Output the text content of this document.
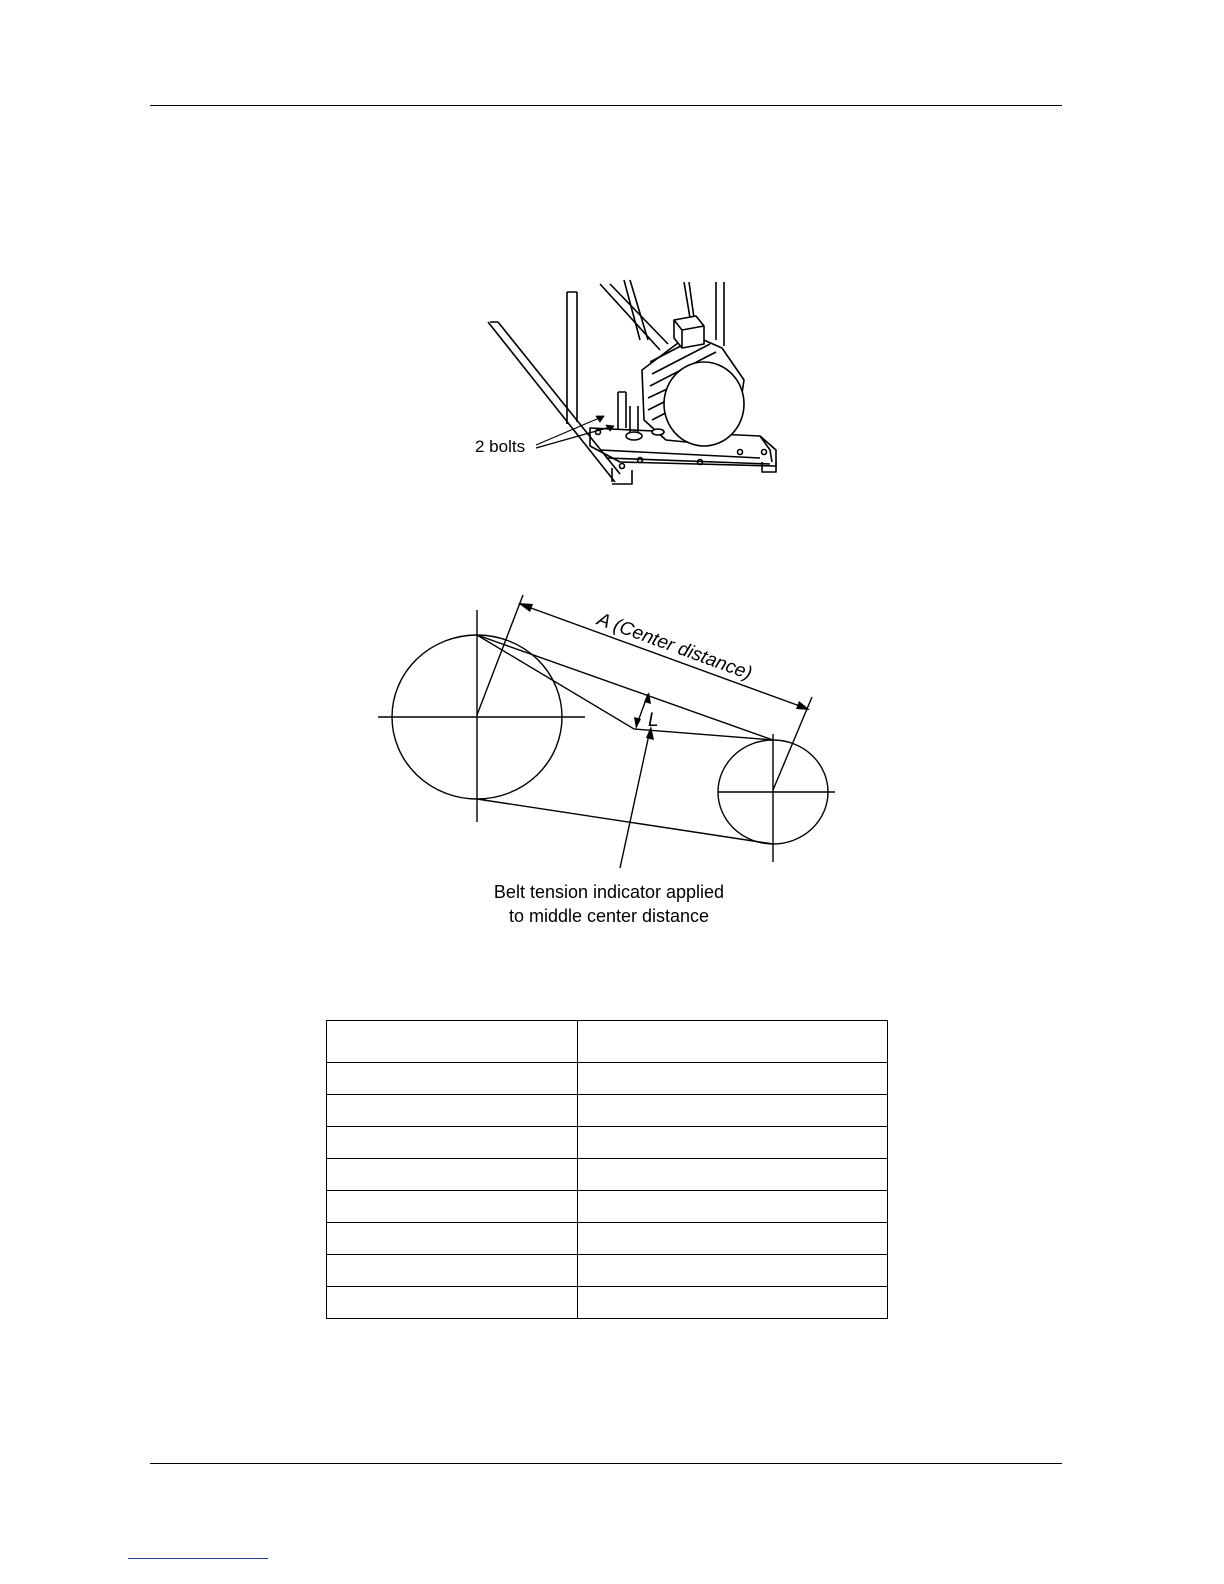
2 bolts
A (Center distance)
L
Belt tension indicator applied
to middle center distance
